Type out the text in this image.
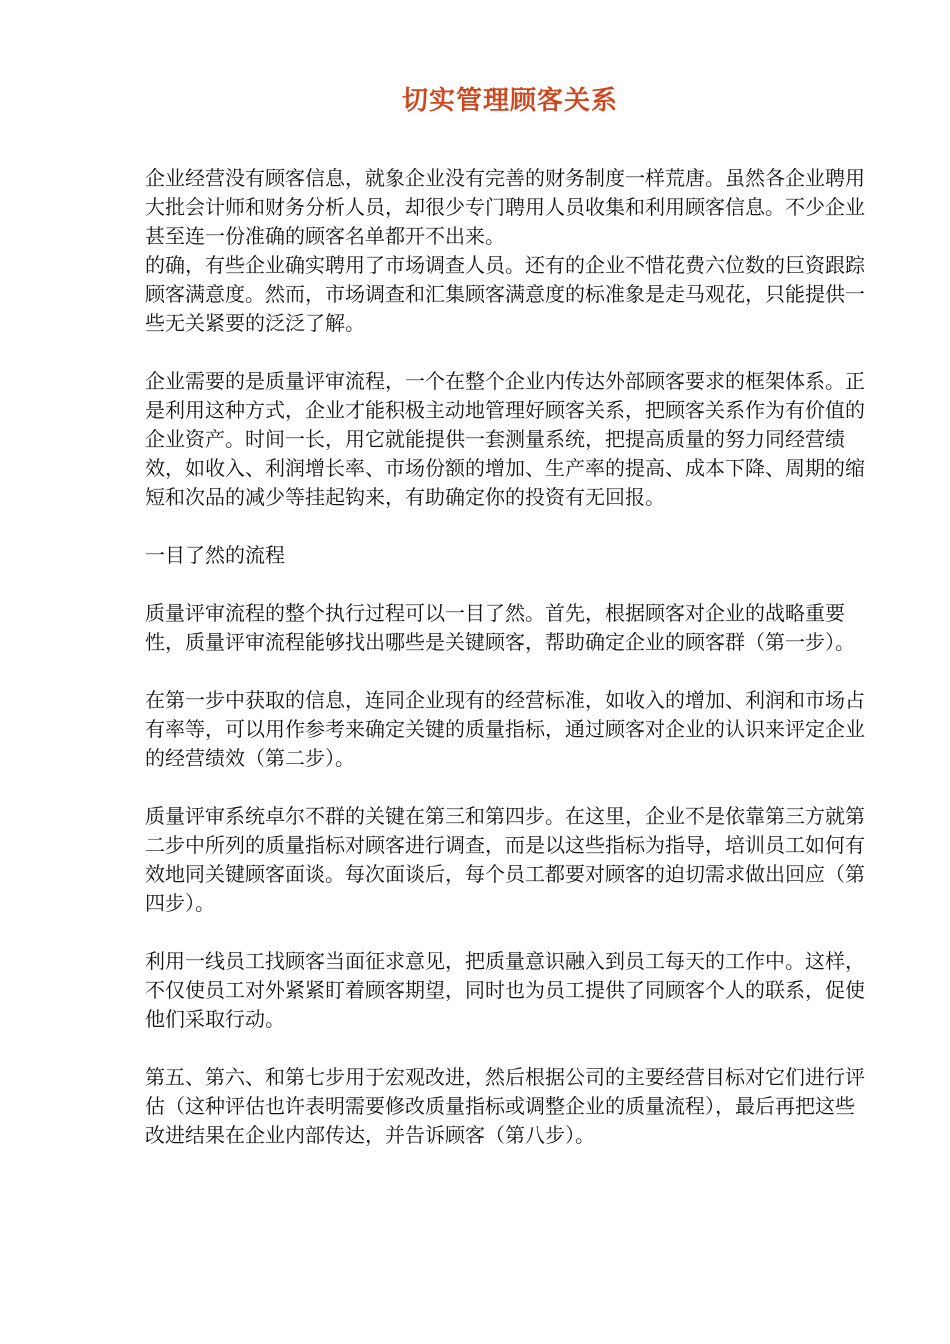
切实管理顾客关系

企业经营没有顾客信息，就象企业没有完善的财务制度一样荒唐。虽然各企业聘用大批会计师和财务分析人员，却很少专门聘用人员收集和利用顾客信息。不少企业甚至连一份准确的顾客名单都开不出来。

的确，有些企业确实聘用了市场调查人员。还有的企业不惜花费六位数的巨资跟踪顾客满意度。然而，市场调查和汇集顾客满意度的标准象是走马观花，只能提供一些无关紧要的泛泛了解。

企业需要的是质量评审流程，一个在整个企业内传达外部顾客要求的框架体系。正是利用这种方式，企业才能积极主动地管理好顾客关系，把顾客关系作为有价值的企业资产。时间一长，用它就能提供一套测量系统，把提高质量的努力同经营绩效，如收入、利润增长率、市场份额的增加、生产率的提高、成本下降、周期的缩短和次品的减少等挂起钩来，有助确定你的投资有无回报。

一目了然的流程

质量评审流程的整个执行过程可以一目了然。首先，根据顾客对企业的战略重要性，质量评审流程能够找出哪些是关键顾客，帮助确定企业的顾客群（第一步）。

在第一步中获取的信息，连同企业现有的经营标准，如收入的增加、利润和市场占有率等，可以用作参考来确定关键的质量指标，通过顾客对企业的认识来评定企业的经营绩效（第二步）。

质量评审系统卓尔不群的关键在第三和第四步。在这里，企业不是依靠第三方就第二步中所列的质量指标对顾客进行调查，而是以这些指标为指导，培训员工如何有效地同关键顾客面谈。每次面谈后，每个员工都要对顾客的迫切需求做出回应（第四步）。

利用一线员工找顾客当面征求意见，把质量意识融入到员工每天的工作中。这样，不仅使员工对外紧紧盯着顾客期望，同时也为员工提供了同顾客个人的联系，促使他们采取行动。

第五、第六、和第七步用于宏观改进，然后根据公司的主要经营目标对它们进行评估（这种评估也许表明需要修改质量指标或调整企业的质量流程），最后再把这些改进结果在企业内部传达，并告诉顾客（第八步）。
